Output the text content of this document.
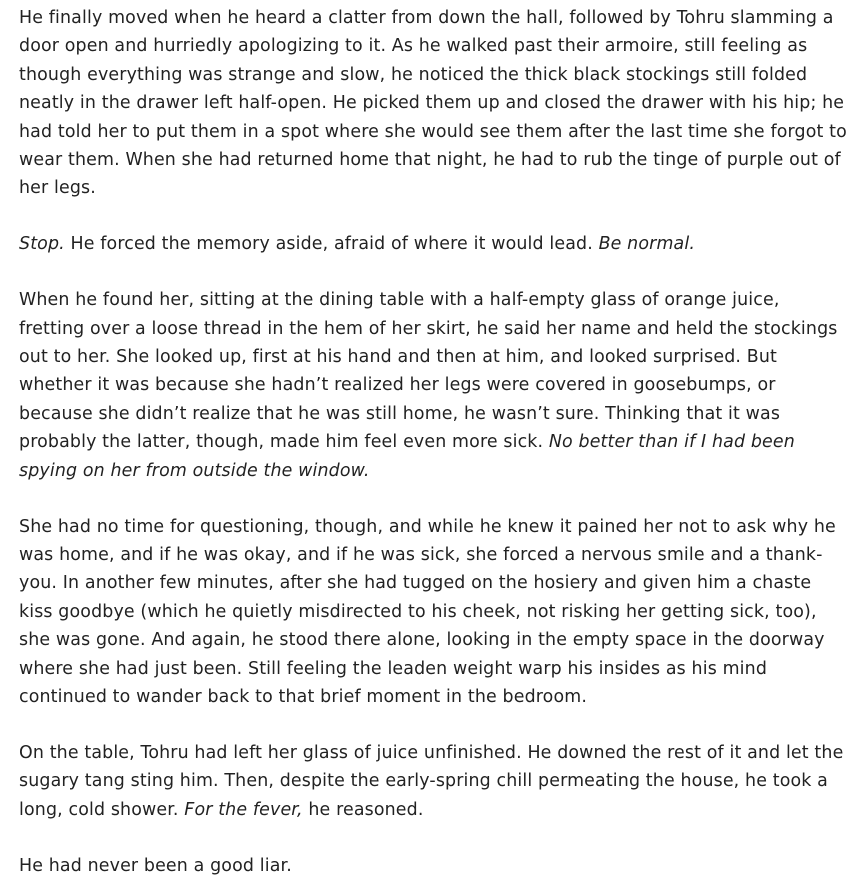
He finally moved when he heard a clatter from down the hall, followed by Tohru slamming a door open and hurriedly apologizing to it. As he walked past their armoire, still feeling as though everything was strange and slow, he noticed the thick black stockings still folded neatly in the drawer left half-open. He picked them up and closed the drawer with his hip; he had told her to put them in a spot where she would see them after the last time she forgot to wear them. When she had returned home that night, he had to rub the tinge of purple out of her legs.

Stop. He forced the memory aside, afraid of where it would lead. Be normal.

When he found her, sitting at the dining table with a half-empty glass of orange juice, fretting over a loose thread in the hem of her skirt, he said her name and held the stockings out to her. She looked up, first at his hand and then at him, and looked surprised. But whether it was because she hadn’t realized her legs were covered in goosebumps, or because she didn’t realize that he was still home, he wasn’t sure. Thinking that it was probably the latter, though, made him feel even more sick. No better than if I had been spying on her from outside the window.

She had no time for questioning, though, and while he knew it pained her not to ask why he was home, and if he was okay, and if he was sick, she forced a nervous smile and a thank-you. In another few minutes, after she had tugged on the hosiery and given him a chaste kiss goodbye (which he quietly misdirected to his cheek, not risking her getting sick, too), she was gone. And again, he stood there alone, looking in the empty space in the doorway where she had just been. Still feeling the leaden weight warp his insides as his mind continued to wander back to that brief moment in the bedroom.

On the table, Tohru had left her glass of juice unfinished. He downed the rest of it and let the sugary tang sting him. Then, despite the early-spring chill permeating the house, he took a long, cold shower. For the fever, he reasoned.

He had never been a good liar.
